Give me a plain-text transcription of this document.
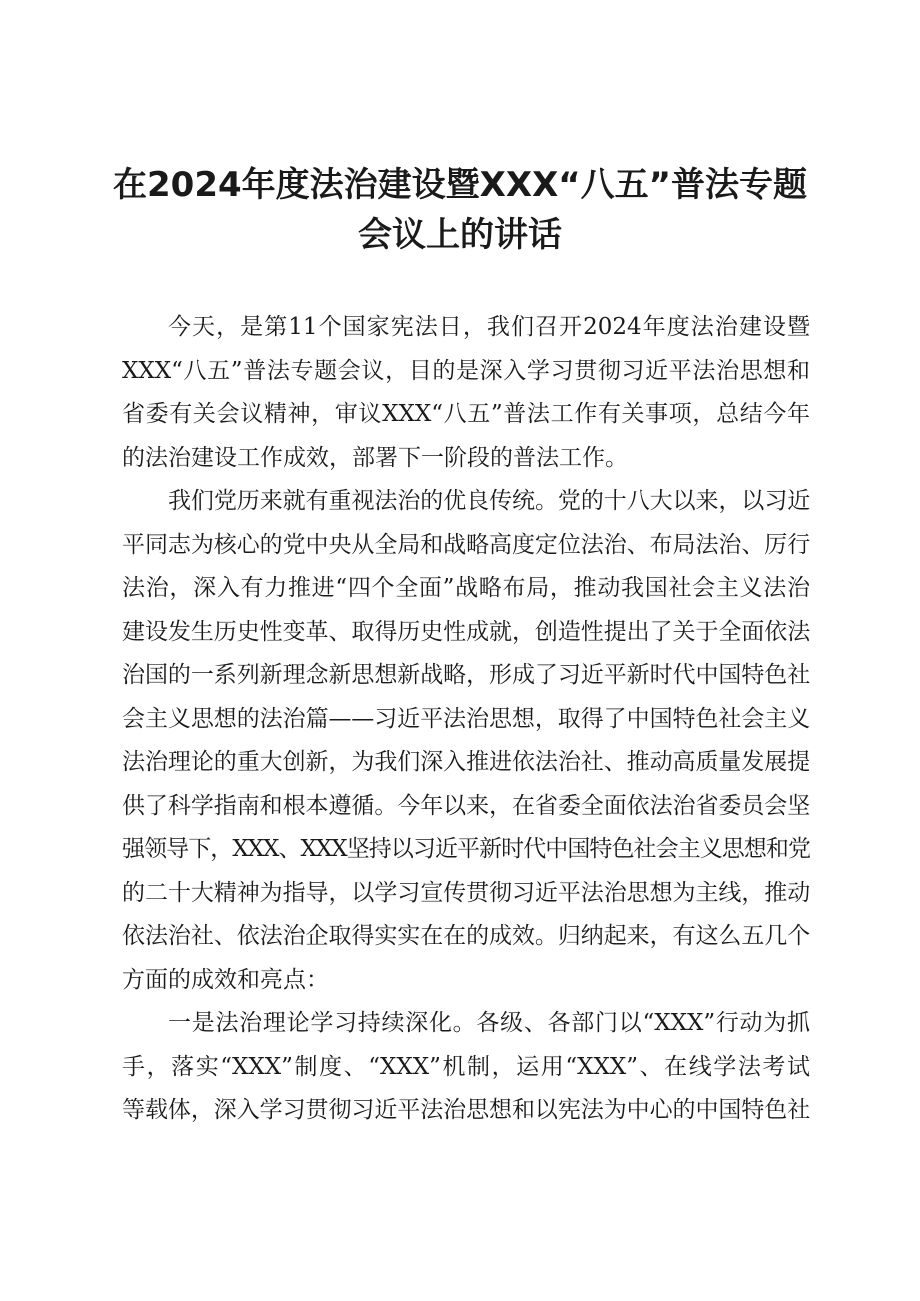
在2024年度法治建设暨XXX“八五”普法专题
会议上的讲话
今天，是第11个国家宪法日，我们召开2024年度法治建设暨
XXX“八五”普法专题会议，目的是深入学习贯彻习近平法治思想和
省委有关会议精神，审议XXX“八五”普法工作有关事项，总结今年
的法治建设工作成效，部署下一阶段的普法工作。
我们党历来就有重视法治的优良传统。党的十八大以来，以习近
平同志为核心的党中央从全局和战略高度定位法治、布局法治、厉行
法治，深入有力推进“四个全面”战略布局，推动我国社会主义法治
建设发生历史性变革、取得历史性成就，创造性提出了关于全面依法
治国的一系列新理念新思想新战略，形成了习近平新时代中国特色社
会主义思想的法治篇——习近平法治思想，取得了中国特色社会主义
法治理论的重大创新，为我们深入推进依法治社、推动高质量发展提
供了科学指南和根本遵循。今年以来，在省委全面依法治省委员会坚
强领导下，XXX、XXX坚持以习近平新时代中国特色社会主义思想和党
的二十大精神为指导，以学习宣传贯彻习近平法治思想为主线，推动
依法治社、依法治企取得实实在在的成效。归纳起来，有这么五几个
方面的成效和亮点：
一是法治理论学习持续深化。各级、各部门以“XXX”行动为抓
手，落实“XXX”制度、“XXX”机制，运用“XXX”、在线学法考试
等载体，深入学习贯彻习近平法治思想和以宪法为中心的中国特色社
